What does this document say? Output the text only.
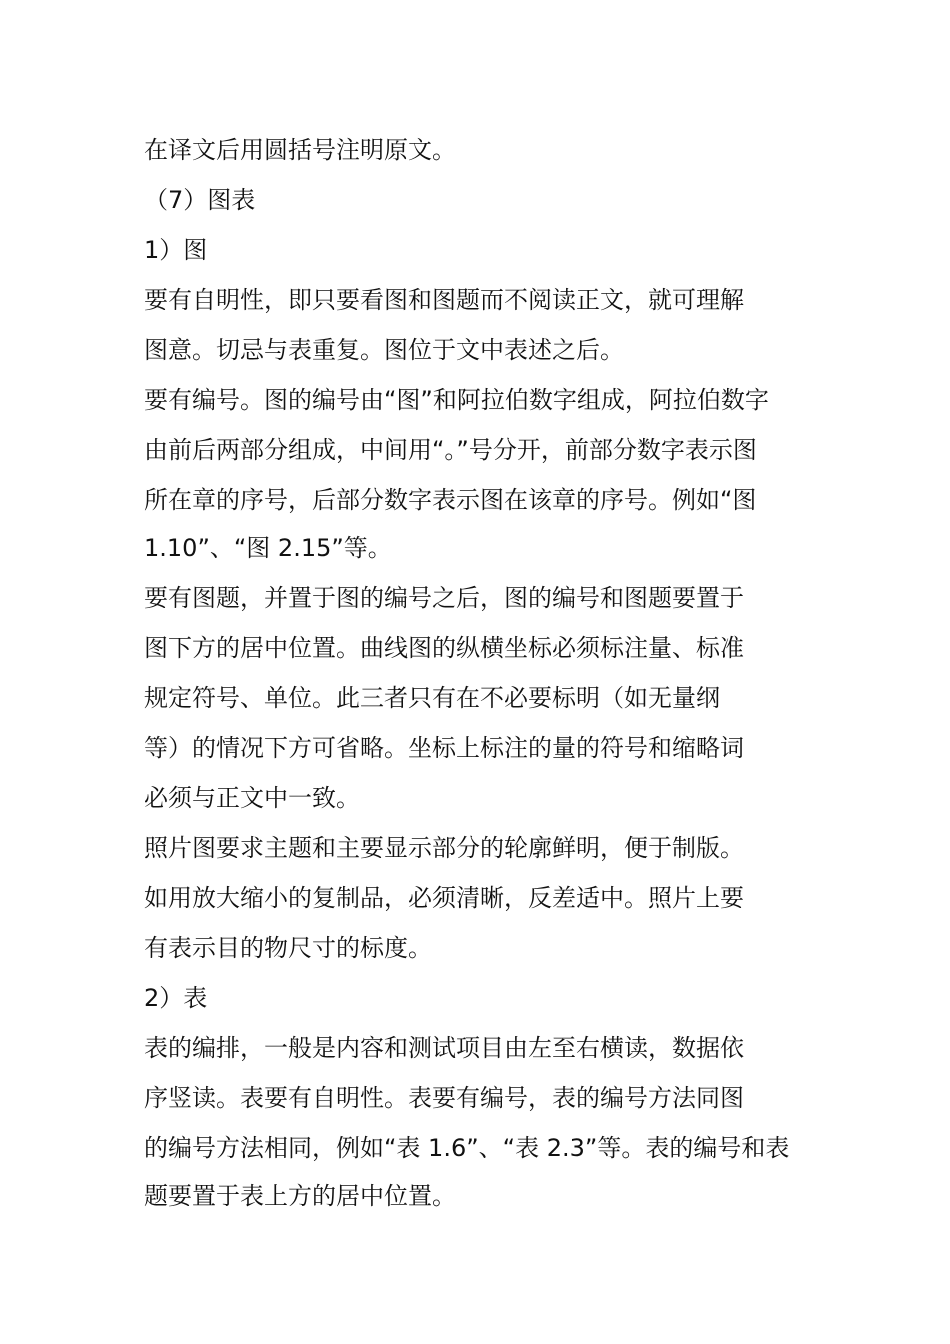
在译文后用圆括号注明原文。
（7）图表
1）图
要有自明性，即只要看图和图题而不阅读正文，就可理解
图意。切忌与表重复。图位于文中表述之后。
要有编号。图的编号由“图”和阿拉伯数字组成，阿拉伯数字
由前后两部分组成，中间用“。”号分开，前部分数字表示图
所在章的序号，后部分数字表示图在该章的序号。例如“图
1.10”、“图 2.15”等。
要有图题，并置于图的编号之后，图的编号和图题要置于
图下方的居中位置。曲线图的纵横坐标必须标注量、标准
规定符号、单位。此三者只有在不必要标明（如无量纲
等）的情况下方可省略。坐标上标注的量的符号和缩略词
必须与正文中一致。
照片图要求主题和主要显示部分的轮廓鲜明，便于制版。
如用放大缩小的复制品，必须清晰，反差适中。照片上要
有表示目的物尺寸的标度。
2）表
表的编排，一般是内容和测试项目由左至右横读，数据依
序竖读。表要有自明性。表要有编号，表的编号方法同图
的编号方法相同，例如“表 1.6”、“表 2.3”等。表的编号和表
题要置于表上方的居中位置。
